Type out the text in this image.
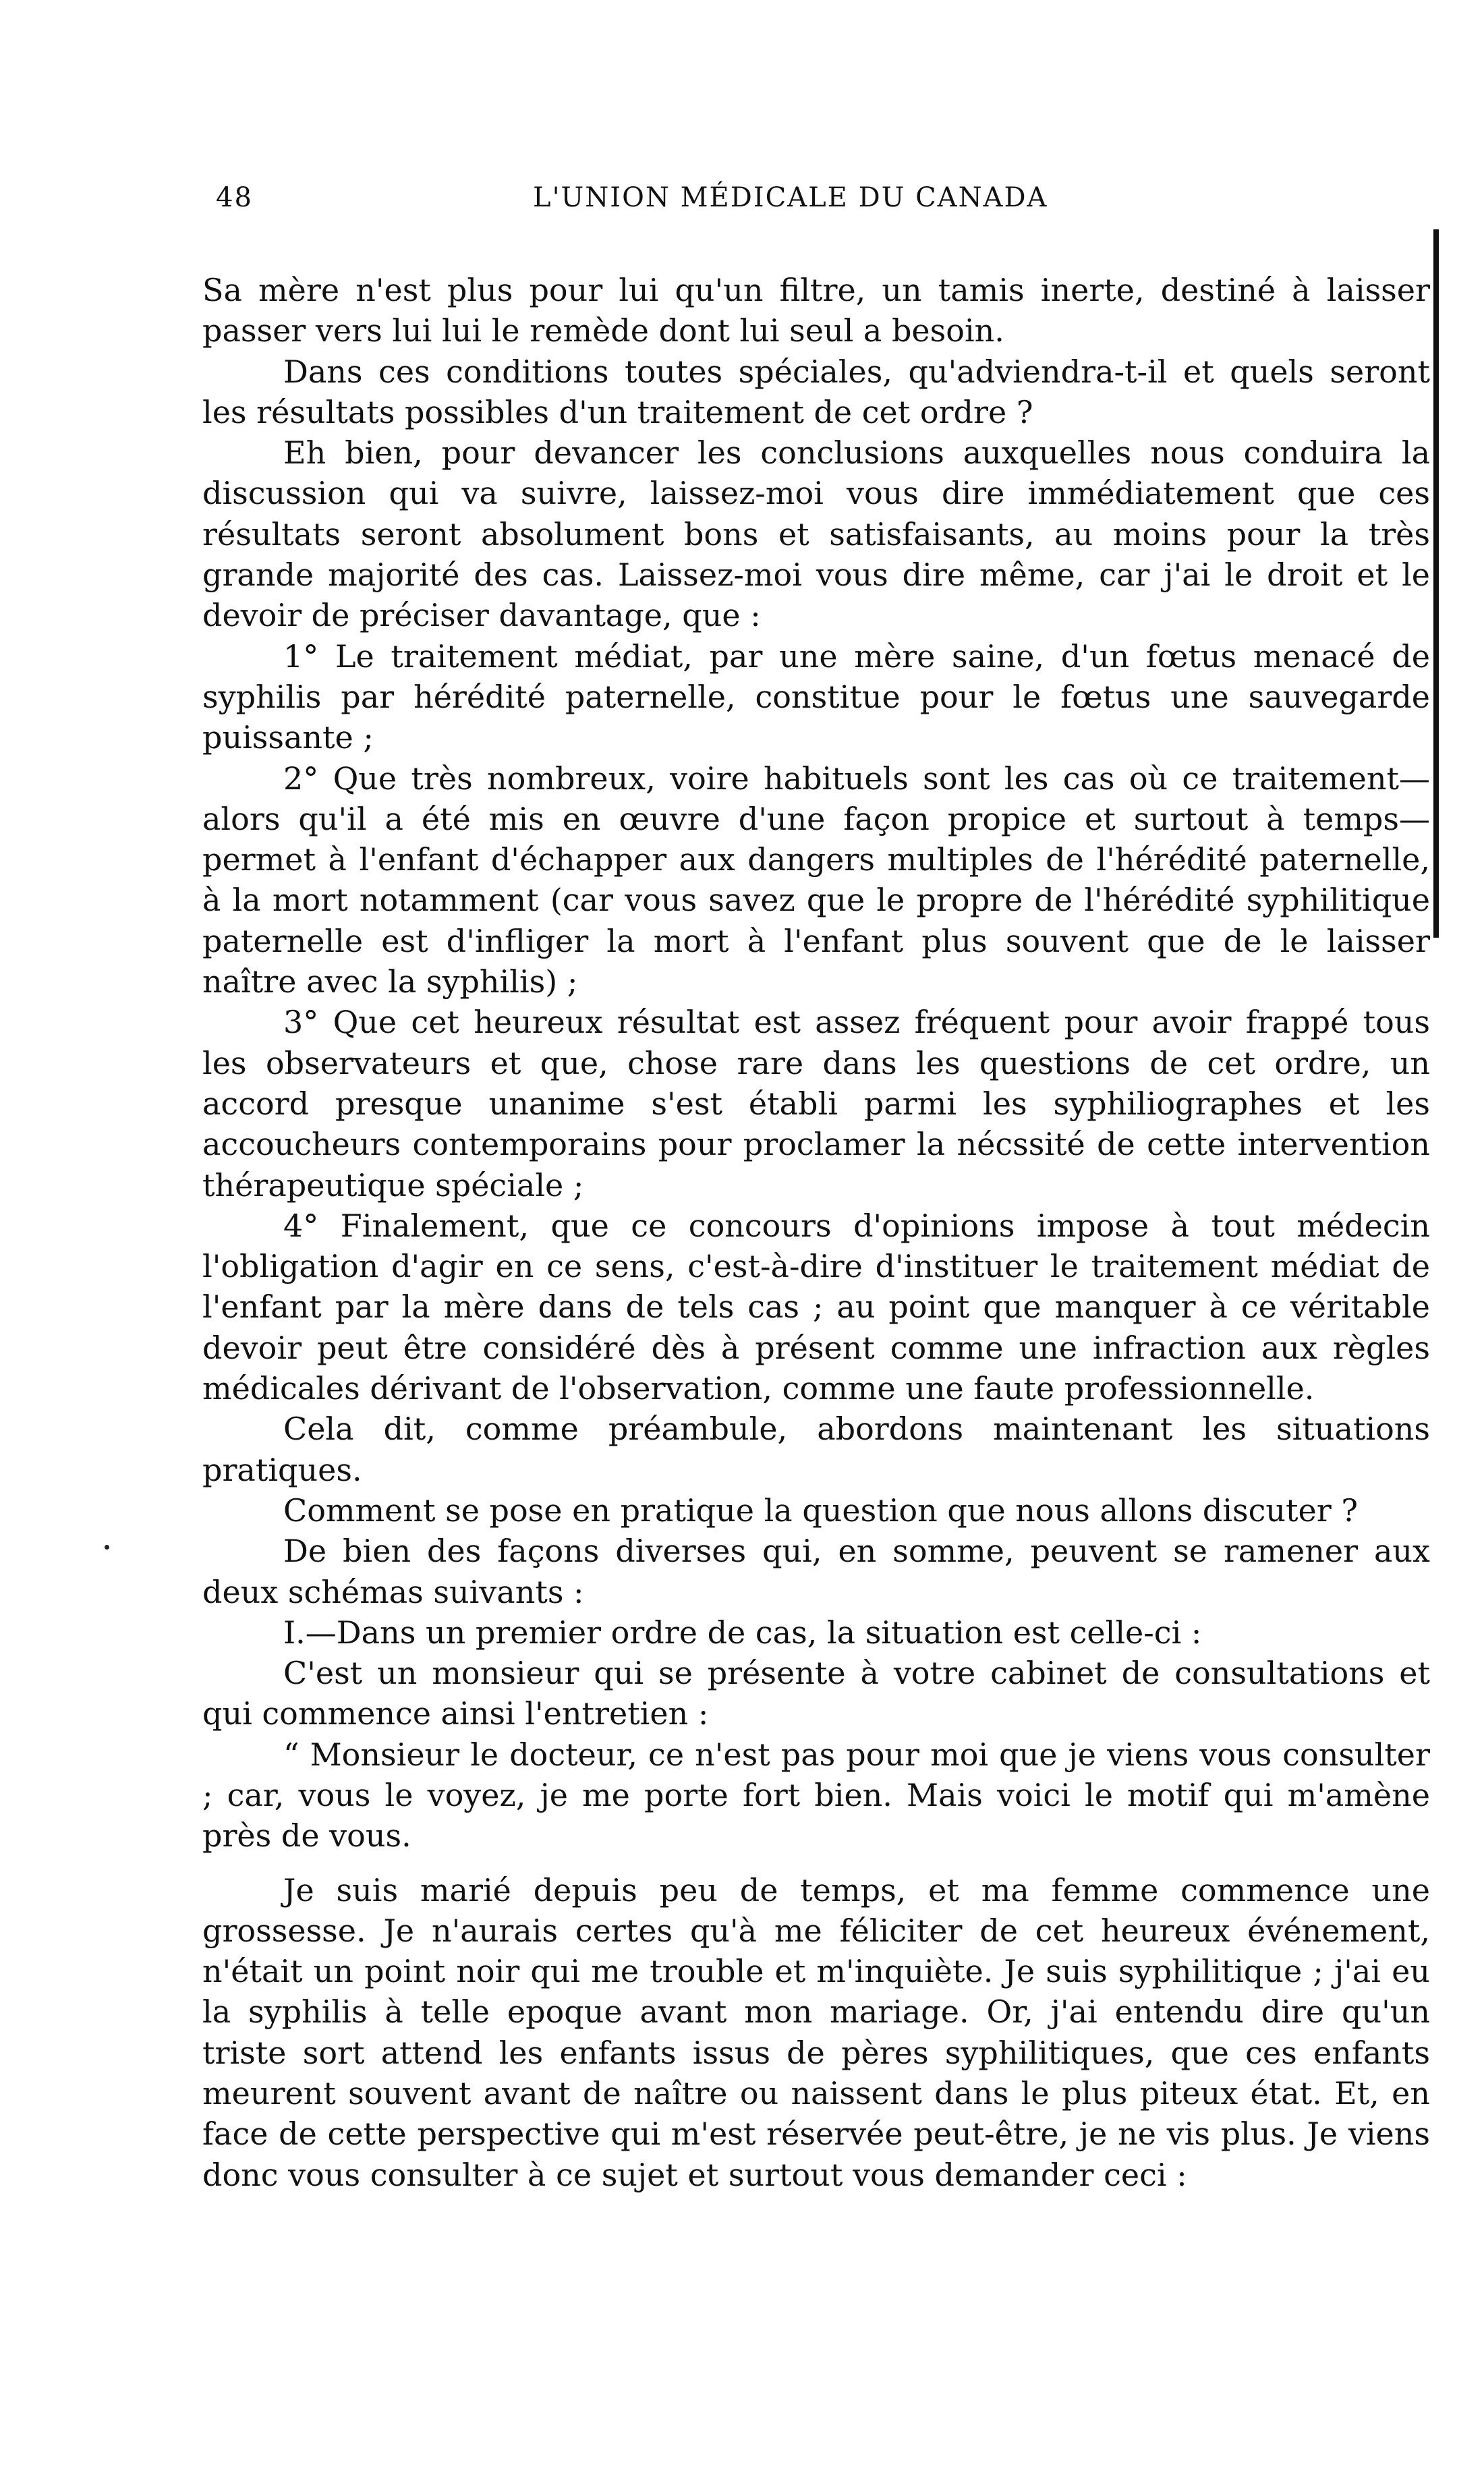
48	L'UNION MÉDICALE DU CANADA

Sa mère n'est plus pour lui qu'un filtre, un tamis inerte, destiné à laisser passer vers lui lui le remède dont lui seul a besoin.

Dans ces conditions toutes spéciales, qu'adviendra-t-il et quels seront les résultats possibles d'un traitement de cet ordre ?

Eh bien, pour devancer les conclusions auxquelles nous conduira la discussion qui va suivre, laissez-moi vous dire immédiatement que ces résultats seront absolument bons et satisfaisants, au moins pour la très grande majorité des cas. Laissez-moi vous dire même, car j'ai le droit et le devoir de préciser davantage, que :

1° Le traitement médiat, par une mère saine, d'un fœtus menacé de syphilis par hérédité paternelle, constitue pour le fœtus une sauvegarde puissante ;

2° Que très nombreux, voire habituels sont les cas où ce traitement—alors qu'il a été mis en œuvre d'une façon propice et surtout à temps—permet à l'enfant d'échapper aux dangers multiples de l'hérédité paternelle, à la mort notamment (car vous savez que le propre de l'hérédité syphilitique paternelle est d'infliger la mort à l'enfant plus souvent que de le laisser naître avec la syphilis) ;

3° Que cet heureux résultat est assez fréquent pour avoir frappé tous les observateurs et que, chose rare dans les questions de cet ordre, un accord presque unanime s'est établi parmi les syphiliographes et les accoucheurs contemporains pour proclamer la nécssité de cette intervention thérapeutique spéciale ;

4° Finalement, que ce concours d'opinions impose à tout médecin l'obligation d'agir en ce sens, c'est-à-dire d'instituer le traitement médiat de l'enfant par la mère dans de tels cas ; au point que manquer à ce véritable devoir peut être considéré dès à présent comme une infraction aux règles médicales dérivant de l'observation, comme une faute professionnelle.

Cela dit, comme préambule, abordons maintenant les situations pratiques.

Comment se pose en pratique la question que nous allons discuter ?

De bien des façons diverses qui, en somme, peuvent se ramener aux deux schémas suivants :

I.—Dans un premier ordre de cas, la situation est celle-ci :

C'est un monsieur qui se présente à votre cabinet de consultations et qui commence ainsi l'entretien :

“ Monsieur le docteur, ce n'est pas pour moi que je viens vous consulter ; car, vous le voyez, je me porte fort bien. Mais voici le motif qui m'amène près de vous.

Je suis marié depuis peu de temps, et ma femme commence une grossesse. Je n'aurais certes qu'à me féliciter de cet heureux événement, n'était un point noir qui me trouble et m'inquiète. Je suis syphilitique ; j'ai eu la syphilis à telle epoque avant mon mariage. Or, j'ai entendu dire qu'un triste sort attend les enfants issus de pères syphilitiques, que ces enfants meurent souvent avant de naître ou naissent dans le plus piteux état. Et, en face de cette perspective qui m'est réservée peut-être, je ne vis plus. Je viens donc vous consulter à ce sujet et surtout vous demander ceci :
